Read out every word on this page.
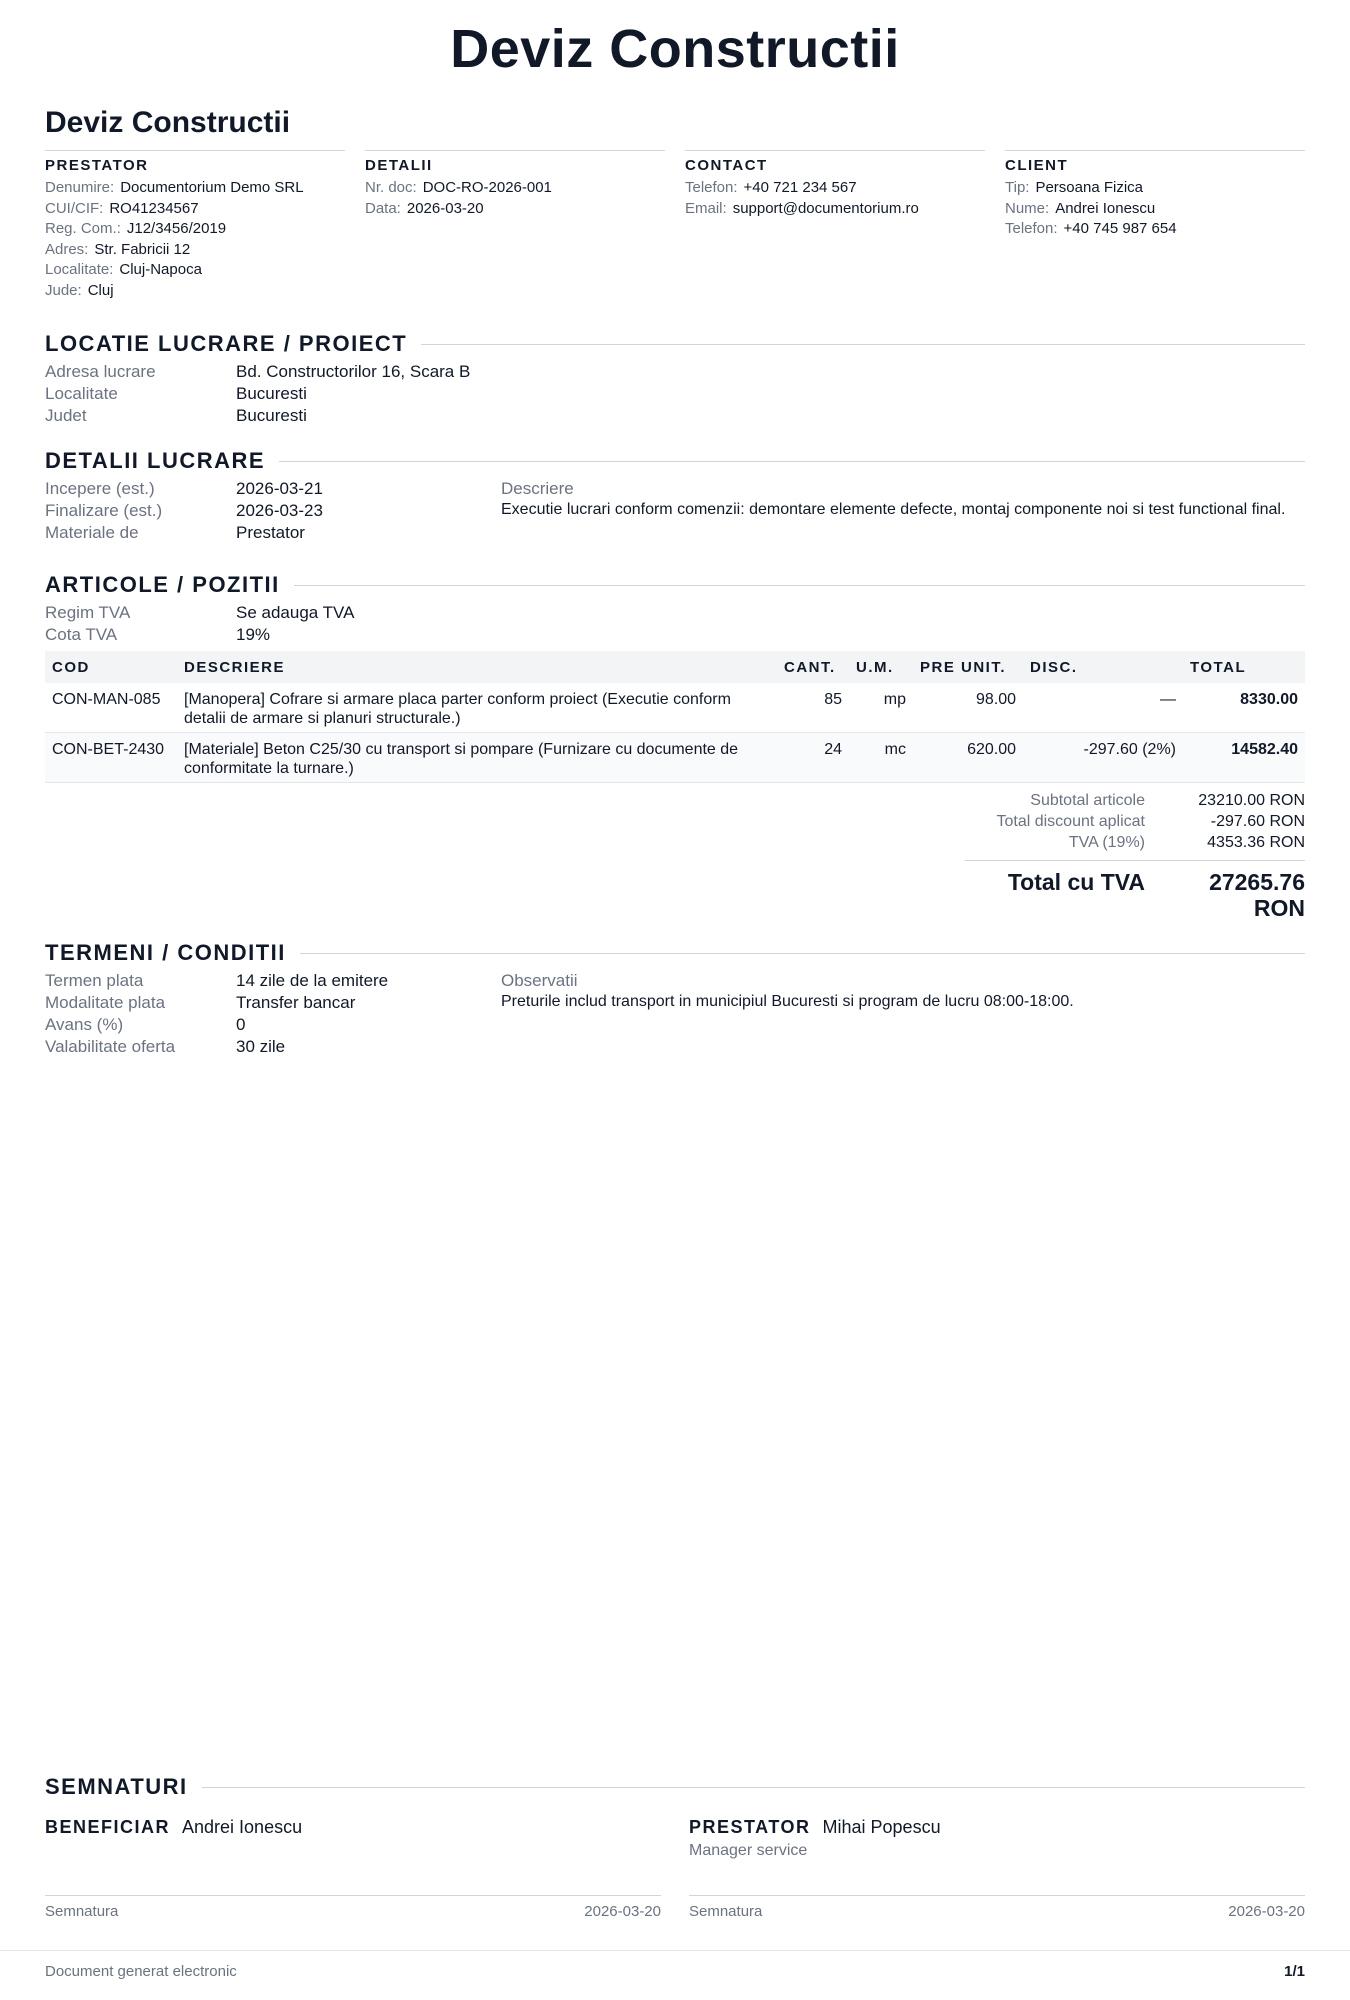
Deviz Constructii
Deviz Constructii
PRESTATOR
Denumire: Documentorium Demo SRL
CUI/CIF: RO41234567
Reg. Com.: J12/3456/2019
Adres: Str. Fabricii 12
Localitate: Cluj-Napoca
Jude: Cluj
DETALII
Nr. doc: DOC-RO-2026-001
Data: 2026-03-20
CONTACT
Telefon: +40 721 234 567
Email: support@documentorium.ro
CLIENT
Tip: Persoana Fizica
Nume: Andrei Ionescu
Telefon: +40 745 987 654
LOCATIE LUCRARE / PROIECT
Adresa lucrare	Bd. Constructorilor 16, Scara B
Localitate	Bucuresti
Judet	Bucuresti
DETALII LUCRARE
Incepere (est.)	2026-03-21
Finalizare (est.)	2026-03-23
Materiale de	Prestator
Descriere
Executie lucrari conform comenzii: demontare elemente defecte, montaj componente noi si test functional final.
ARTICOLE / POZITII
Regim TVA	Se adauga TVA
Cota TVA	19%
COD	DESCRIERE	CANT.	U.M.	PRE UNIT.	DISC.	TOTAL
CON-MAN-085	[Manopera] Cofrare si armare placa parter conform proiect (Executie conform detalii de armare si planuri structurale.)	85	mp	98.00	—	8330.00
CON-BET-2430	[Materiale] Beton C25/30 cu transport si pompare (Furnizare cu documente de conformitate la turnare.)	24	mc	620.00	-297.60 (2%)	14582.40
Subtotal articole	23210.00 RON
Total discount aplicat	-297.60 RON
TVA (19%)	4353.36 RON
Total cu TVA	27265.76
RON
TERMENI / CONDITII
Termen plata	14 zile de la emitere
Modalitate plata	Transfer bancar
Avans (%)	0
Valabilitate oferta	30 zile
Observatii
Preturile includ transport in municipiul Bucuresti si program de lucru 08:00-18:00.
SEMNATURI
BENEFICIAR Andrei Ionescu
Semnatura	2026-03-20
PRESTATOR Mihai Popescu
Manager service
Semnatura	2026-03-20
Document generat electronic	1/1
